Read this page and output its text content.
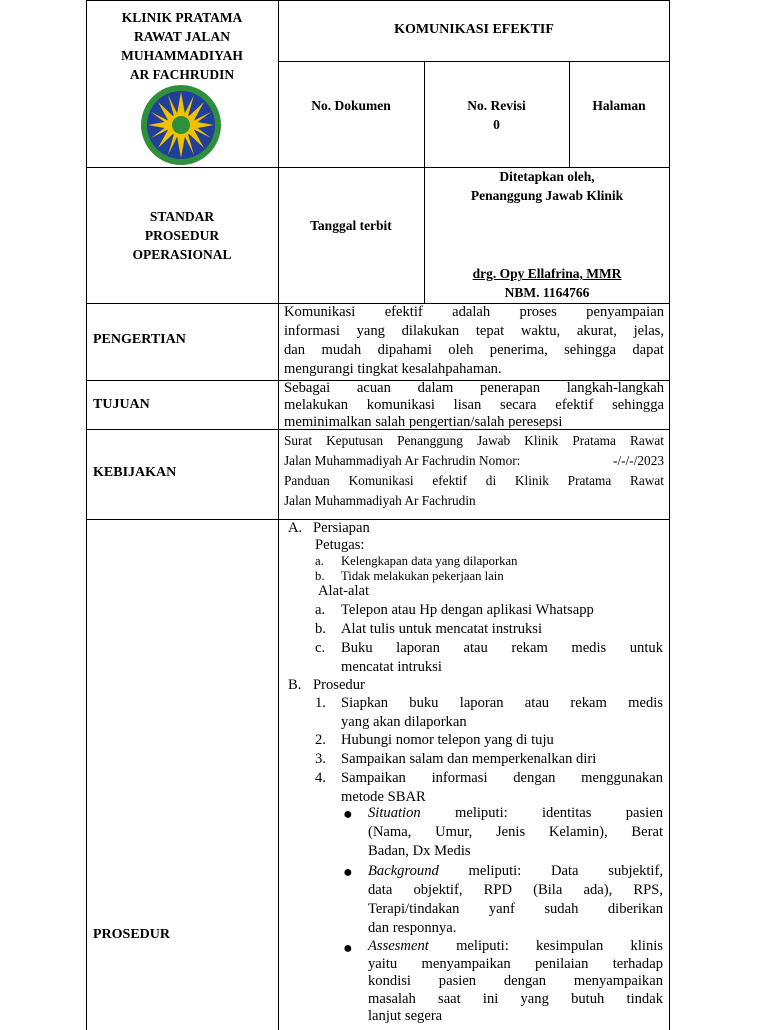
KLINIK PRATAMA
RAWAT JALAN
MUHAMMADIYAH
AR FACHRUDIN
KOMUNIKASI EFEKTIF
No. Dokumen	No. Revisi
0
Halaman
STANDAR
PROSEDUR
OPERASIONAL
Tanggal terbit
Ditetapkan oleh,
Penanggung Jawab Klinik
drg. Opy Ellafrina, MMR
NBM. 1164766
PENGERTIAN
Komunikasi efektif adalah proses penyampaian
informasi yang dilakukan tepat waktu, akurat, jelas,
dan mudah dipahami oleh penerima, sehingga dapat
mengurangi tingkat kesalahpahaman.
TUJUAN
Sebagai acuan dalam penerapan langkah-langkah
melakukan komunikasi lisan secara efektif sehingga
meminimalkan salah pengertian/salah peresepsi
KEBIJAKAN
Surat Keputusan Penanggung Jawab Klinik Pratama Rawat
Jalan Muhammadiyah Ar Fachrudin Nomor:	-/-/-/2023
Panduan Komunikasi efektif di Klinik Pratama Rawat
Jalan Muhammadiyah Ar Fachrudin
PROSEDUR
A. Persiapan
Petugas:
a. Kelengkapan data yang dilaporkan
b. Tidak melakukan pekerjaan lain
Alat-alat
a. Telepon atau Hp dengan aplikasi Whatsapp
b. Alat tulis untuk mencatat instruksi
c. Buku laporan atau rekam medis untuk
mencatat intruksi
B. Prosedur
1. Siapkan buku laporan atau rekam medis
yang akan dilaporkan
2. Hubungi nomor telepon yang di tuju
3. Sampaikan salam dan memperkenalkan diri
4. Sampaikan informasi dengan menggunakan
metode SBAR
● Situation meliputi: identitas pasien
(Nama, Umur, Jenis Kelamin), Berat
Badan, Dx Medis
● Background meliputi: Data subjektif,
data objektif, RPD (Bila ada), RPS,
Terapi/tindakan yanf sudah diberikan
dan responnya.
● Assesment meliputi: kesimpulan klinis
yaitu menyampaikan penilaian terhadap
kondisi pasien dengan menyampaikan
masalah saat ini yang butuh tindak
lanjut segera
